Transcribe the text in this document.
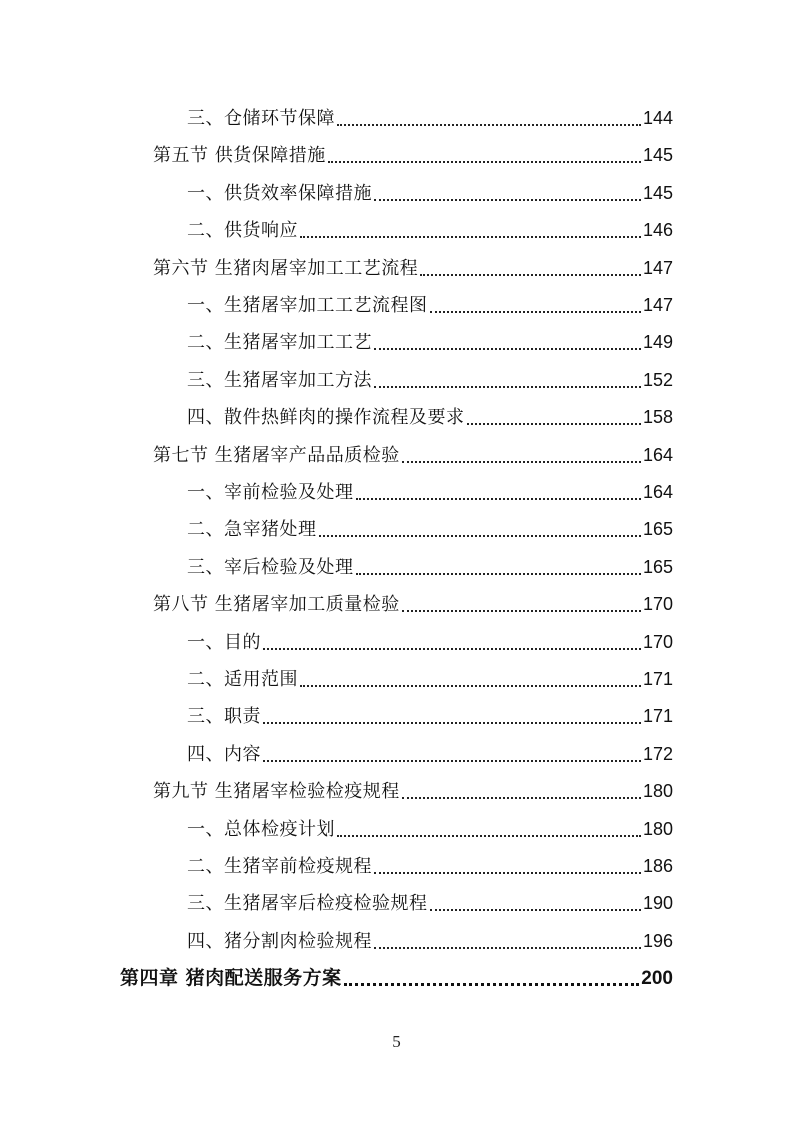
三、仓储环节保障	144
第五节 供货保障措施	145
一、供货效率保障措施	145
二、供货响应	146
第六节 生猪肉屠宰加工工艺流程	147
一、生猪屠宰加工工艺流程图	147
二、生猪屠宰加工工艺	149
三、生猪屠宰加工方法	152
四、散件热鲜肉的操作流程及要求	158
第七节 生猪屠宰产品品质检验	164
一、宰前检验及处理	164
二、急宰猪处理	165
三、宰后检验及处理	165
第八节 生猪屠宰加工质量检验	170
一、目的	170
二、适用范围	171
三、职责	171
四、内容	172
第九节 生猪屠宰检验检疫规程	180
一、总体检疫计划	180
二、生猪宰前检疫规程	186
三、生猪屠宰后检疫检验规程	190
四、猪分割肉检验规程	196
第四章 猪肉配送服务方案	200
5
